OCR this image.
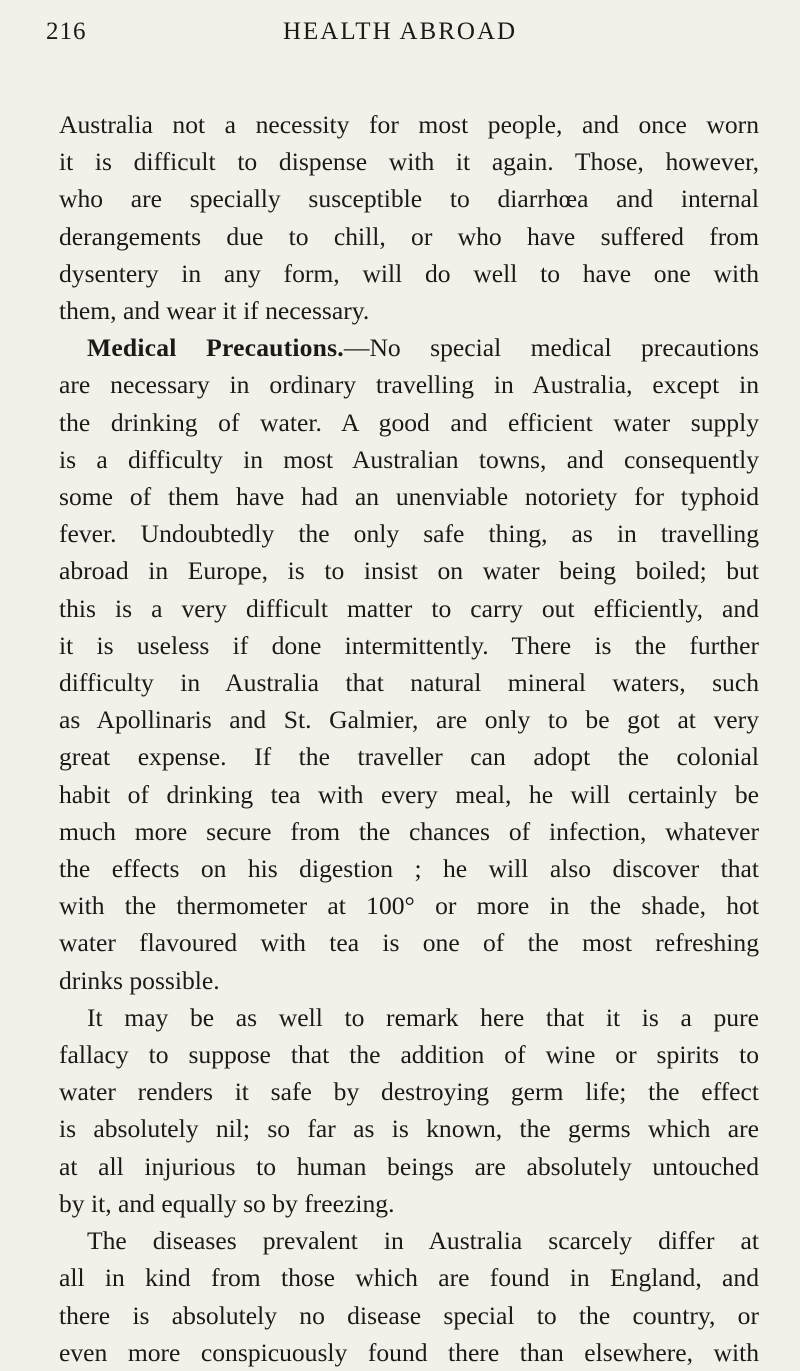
216	HEALTH ABROAD
Australia not a necessity for most people, and once worn
it is difficult to dispense with it again. Those, however,
who are specially susceptible to diarrhœa and internal
derangements due to chill, or who have suffered from
dysentery in any form, will do well to have one with
them, and wear it if necessary.
Medical Precautions.—No special medical precautions
are necessary in ordinary travelling in Australia, except in
the drinking of water. A good and efficient water supply
is a difficulty in most Australian towns, and consequently
some of them have had an unenviable notoriety for typhoid
fever. Undoubtedly the only safe thing, as in travelling
abroad in Europe, is to insist on water being boiled; but
this is a very difficult matter to carry out efficiently, and
it is useless if done intermittently. There is the further
difficulty in Australia that natural mineral waters, such
as Apollinaris and St. Galmier, are only to be got at very
great expense. If the traveller can adopt the colonial
habit of drinking tea with every meal, he will certainly be
much more secure from the chances of infection, whatever
the effects on his digestion ; he will also discover that
with the thermometer at 100° or more in the shade, hot
water flavoured with tea is one of the most refreshing
drinks possible.
It may be as well to remark here that it is a pure
fallacy to suppose that the addition of wine or spirits to
water renders it safe by destroying germ life; the effect
is absolutely nil; so far as is known, the germs which are
at all injurious to human beings are absolutely untouched
by it, and equally so by freezing.
The diseases prevalent in Australia scarcely differ at
all in kind from those which are found in England, and
there is absolutely no disease special to the country, or
even more conspicuously found there than elsewhere, with
